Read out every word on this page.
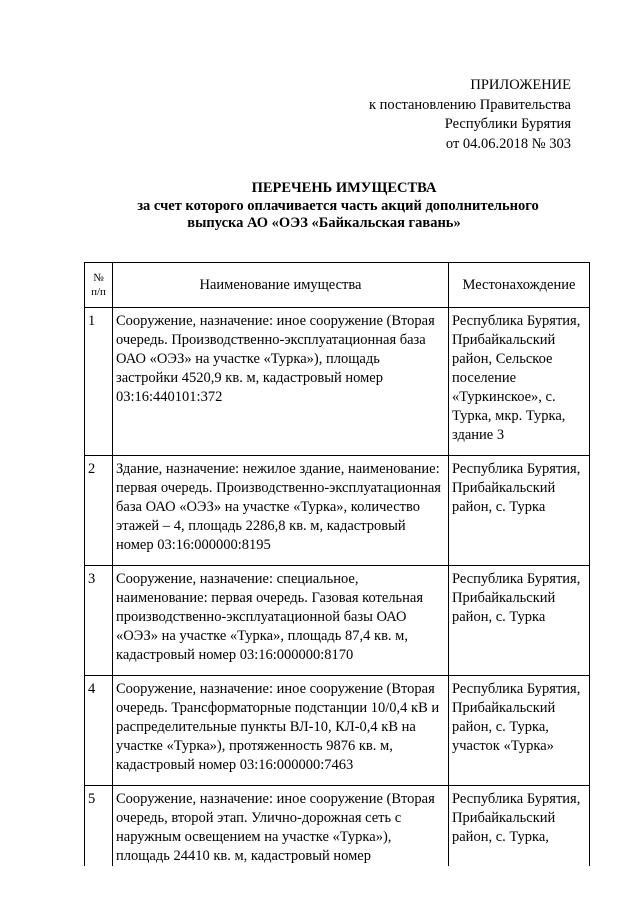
ПРИЛОЖЕНИЕ
к постановлению Правительства
Республики Бурятия
от 04.06.2018 № 303
ПЕРЕЧЕНЬ ИМУЩЕСТВА
за счет которого оплачивается часть акций дополнительного
выпуска АО «ОЭЗ «Байкальская гавань»
№
п/п	Наименование имущества	Местонахождение
1	Сооружение, назначение: иное сооружение (Вторая очередь. Производственно-эксплуатационная база ОАО «ОЭЗ» на участке «Турка»), площадь застройки 4520,9 кв. м, кадастровый номер 03:16:440101:372	Республика Бурятия, Прибайкальский район, Сельское поселение «Туркинское», с. Турка, мкр. Турка, здание 3
2	Здание, назначение: нежилое здание, наименование: первая очередь. Производственно-эксплуатационная база ОАО «ОЭЗ» на участке «Турка», количество этажей – 4, площадь 2286,8 кв. м, кадастровый номер 03:16:000000:8195	Республика Бурятия, Прибайкальский район, с. Турка
3	Сооружение, назначение: специальное, наименование: первая очередь. Газовая котельная производственно-эксплуатационной базы ОАО «ОЭЗ» на участке «Турка», площадь 87,4 кв. м, кадастровый номер 03:16:000000:8170	Республика Бурятия, Прибайкальский район, с. Турка
4	Сооружение, назначение: иное сооружение (Вторая очередь. Трансформаторные подстанции 10/0,4 кВ и распределительные пункты ВЛ-10, КЛ-0,4 кВ на участке «Турка»), протяженность 9876 кв. м, кадастровый номер 03:16:000000:7463	Республика Бурятия, Прибайкальский район, с. Турка, участок «Турка»
5	Сооружение, назначение: иное сооружение (Вторая очередь, второй этап. Улично-дорожная сеть с наружным освещением на участке «Турка»), площадь 24410 кв. м, кадастровый номер	Республика Бурятия, Прибайкальский район, с. Турка,
